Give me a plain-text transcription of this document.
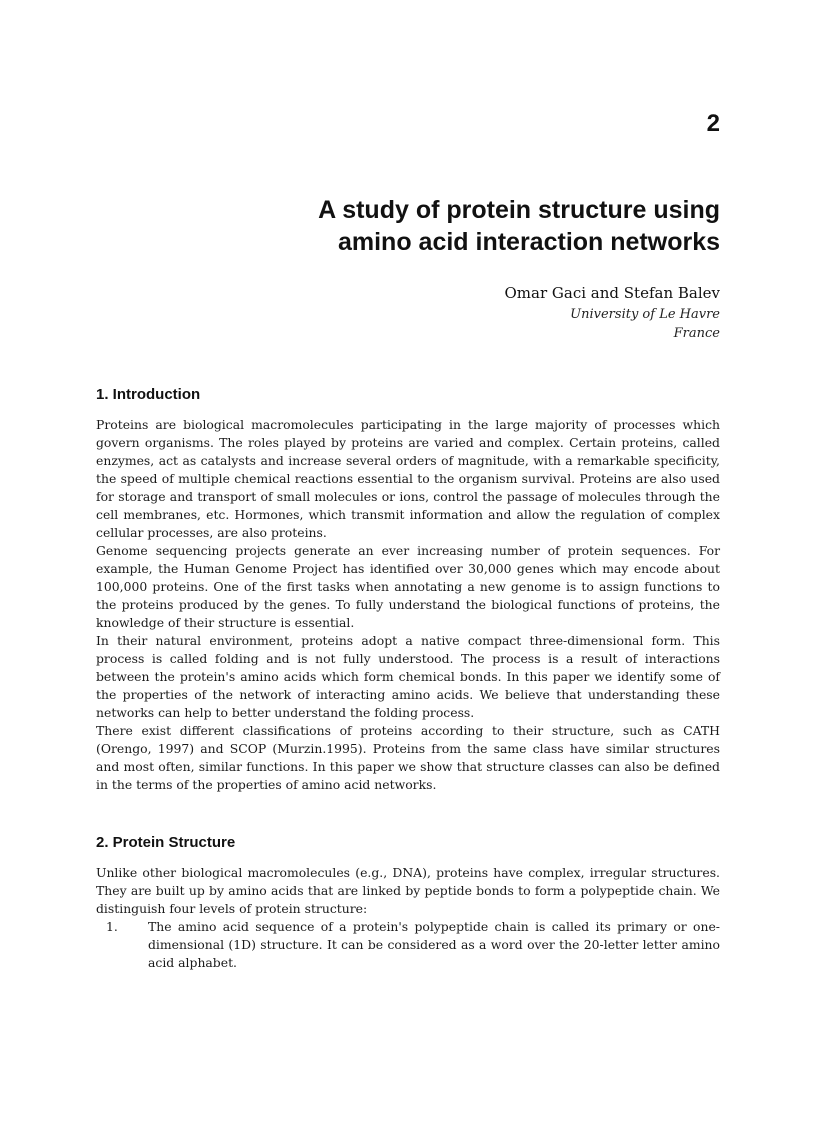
2
A study of protein structure using
amino acid interaction networks
Omar Gaci and Stefan Balev
University of Le Havre
France
1. Introduction

Proteins are biological macromolecules participating in the large majority of processes which govern organisms. The roles played by proteins are varied and complex. Certain proteins, called enzymes, act as catalysts and increase several orders of magnitude, with a remarkable specificity, the speed of multiple chemical reactions essential to the organism survival. Proteins are also used for storage and transport of small molecules or ions, control the passage of molecules through the cell membranes, etc. Hormones, which transmit information and allow the regulation of complex cellular processes, are also proteins.

Genome sequencing projects generate an ever increasing number of protein sequences. For example, the Human Genome Project has identified over 30,000 genes which may encode about 100,000 proteins. One of the first tasks when annotating a new genome is to assign functions to the proteins produced by the genes. To fully understand the biological functions of proteins, the knowledge of their structure is essential.

In their natural environment, proteins adopt a native compact three-dimensional form. This process is called folding and is not fully understood. The process is a result of interactions between the protein's amino acids which form chemical bonds. In this paper we identify some of the properties of the network of interacting amino acids. We believe that understanding these networks can help to better understand the folding process.

There exist different classifications of proteins according to their structure, such as CATH (Orengo, 1997) and SCOP (Murzin.1995). Proteins from the same class have similar structures and most often, similar functions. In this paper we show that structure classes can also be defined in the terms of the properties of amino acid networks.

2. Protein Structure

Unlike other biological macromolecules (e.g., DNA), proteins have complex, irregular structures. They are built up by amino acids that are linked by peptide bonds to form a polypeptide chain. We distinguish four levels of protein structure:

1. The amino acid sequence of a protein's polypeptide chain is called its primary or one- dimensional (1D) structure. It can be considered as a word over the 20-letter letter amino acid alphabet.
